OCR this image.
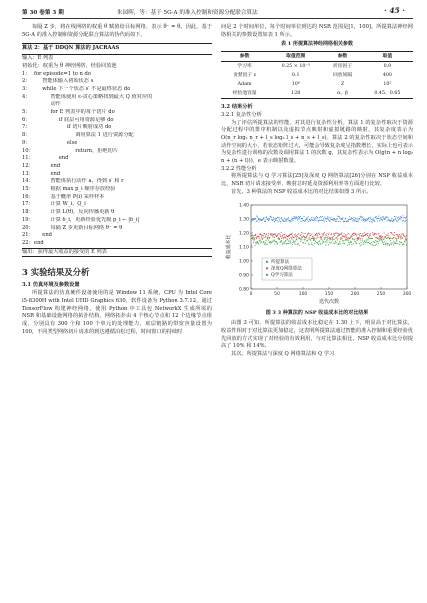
第 30 卷第 3 期	朱园晖，等：基于 5G-A 的准入控制和资源分配联合算法	· 45 ·

每隔 Z 步，将在线网络的权重 θ 赋值给目标网络，表示 θ⁻ = θ。因此，基于 5G-A 的准入控制和资源分配联合算法的伪代码如下。

算法 2：基于 DDQN 算法的 JACRAAS
输入：E 列表
初始化：权重为 θ 神经网络，经验回放池
1： for episode=1 to n do
2： 智能体输入初始状态 s
3： while 下一个状态 s′ 不是最终状态 do
4： 智能体使用 ε-贪心策略找到最大 Q 值对应的
动作
5： for E 列表中的每个切片 do
6： if 底层可用资源足够 do
7： if 切片映射成功 do
8： 调用算法 1 进行资源分配
9： else
10： return，拒绝切片
11： end
12： end
13： end
14： 智能体执行动作 a，得到 s′ 和 r
15： 根据 max p_i 顺序存放经验
16： 基于概率 P(i) 采样样本
17： 计算 W_i、Q_i
18： 计算 L(θ)，反向传播更新 θ
19： 计算 δ_i，更新经验优先级 p_i ← |δ_i|
20： 每隔 Z 步更新目标网络 θ⁻ = θ
21： end
22： end
输出：获得最大收益的接受的 E 列表
3 实验结果及分析
3.1 仿真环境及参数设置

所提算法的仿真硬件设备使用的是 Window 11 系统，CPU 为 Intel Core i5-8300H with Intel UHD Graphics 630，软件设备为 Python 3.7.12，通过 TensorFlow 构建神经网络，使用 Python 中工具包 NetworkX 生成所需的 NSR 和基础设施网络的拓扑结构，网络拓扑由 4 个核心节点和 12 个边缘节点组成，分别具有 300 个和 100 个单元的处理能力，底层链路的带宽容量设置为 100，不同类型网络切片请求的到达遵循泊松过程，时间窗口的持续时

间是 2 个时间单位，每个时间单位到达的 NSR 范围是[1，100]。所提算法神经网络相关的参数设置如表 1 所示。

表 1 所提算法神经网络相关参数
参数	取值范围	参数	取值
学习率	0.25 × 10⁻³	折扣因子	0.9
贪婪因子 ε	0.1	回放间隔	400
Adam	10⁸	Z	10⁵
经验池容量	128	α、β	0.45、0.65
3.2 结果分析
3.2.1 复杂性分析

为了评估所提算法的性能，对其进行复杂性分析。算法 1 的复杂性取决于资源分配过程中的排序机制以及虚拟节点映射和虚拟链路的映射，其复杂度表示为 O(n_r log₂ n_r + l_s log₂ l_s + n_s + l_s)。算法 2 的复杂性取决于状态空间和动作空间的大小，若状态矩阵过大，可能会导致复杂度呈指数增长，实际上也可表示为复杂性进行训练的次数及调用算法 1 的次数 g，其复杂性表示为 O(g(n + n log₂ n + (n + l)))，e 表示映射数量。

3.2.2 性能分析

将所提算法与 Q 学习算法[25]及深度 Q 网络算法[26]分别在 NSP 收益成本比、NSR 切片请求接受率、映射总时延及资源利用率等方面进行比较。

首先，3 种算法的 NSP 收益成本比的对比结果如图 3 所示。

0.80
0.90
1.00
1.10
1.20
1.30
1.40
0	50	100	150	200	250	300
迭代次数
收益成本比
所提算法
深度Q网络算法
Q学习算法
图 3 3 种算法的 NSP 收益成本比的对比结果

由图 3 可知，所提算法的收益成本比稳定在 1.30 上下，明显高于对比算法，收益性相对于对比算法更加稳定，这表明所提算法通过智能的准入控制和重要经验优先回放的方式实现了对经验的有效利用，与对比算法相比，NSP 收益成本比分别提高了 10% 和 14%。

其次，所提算法与深度 Q 网络算法和 Q 学习
